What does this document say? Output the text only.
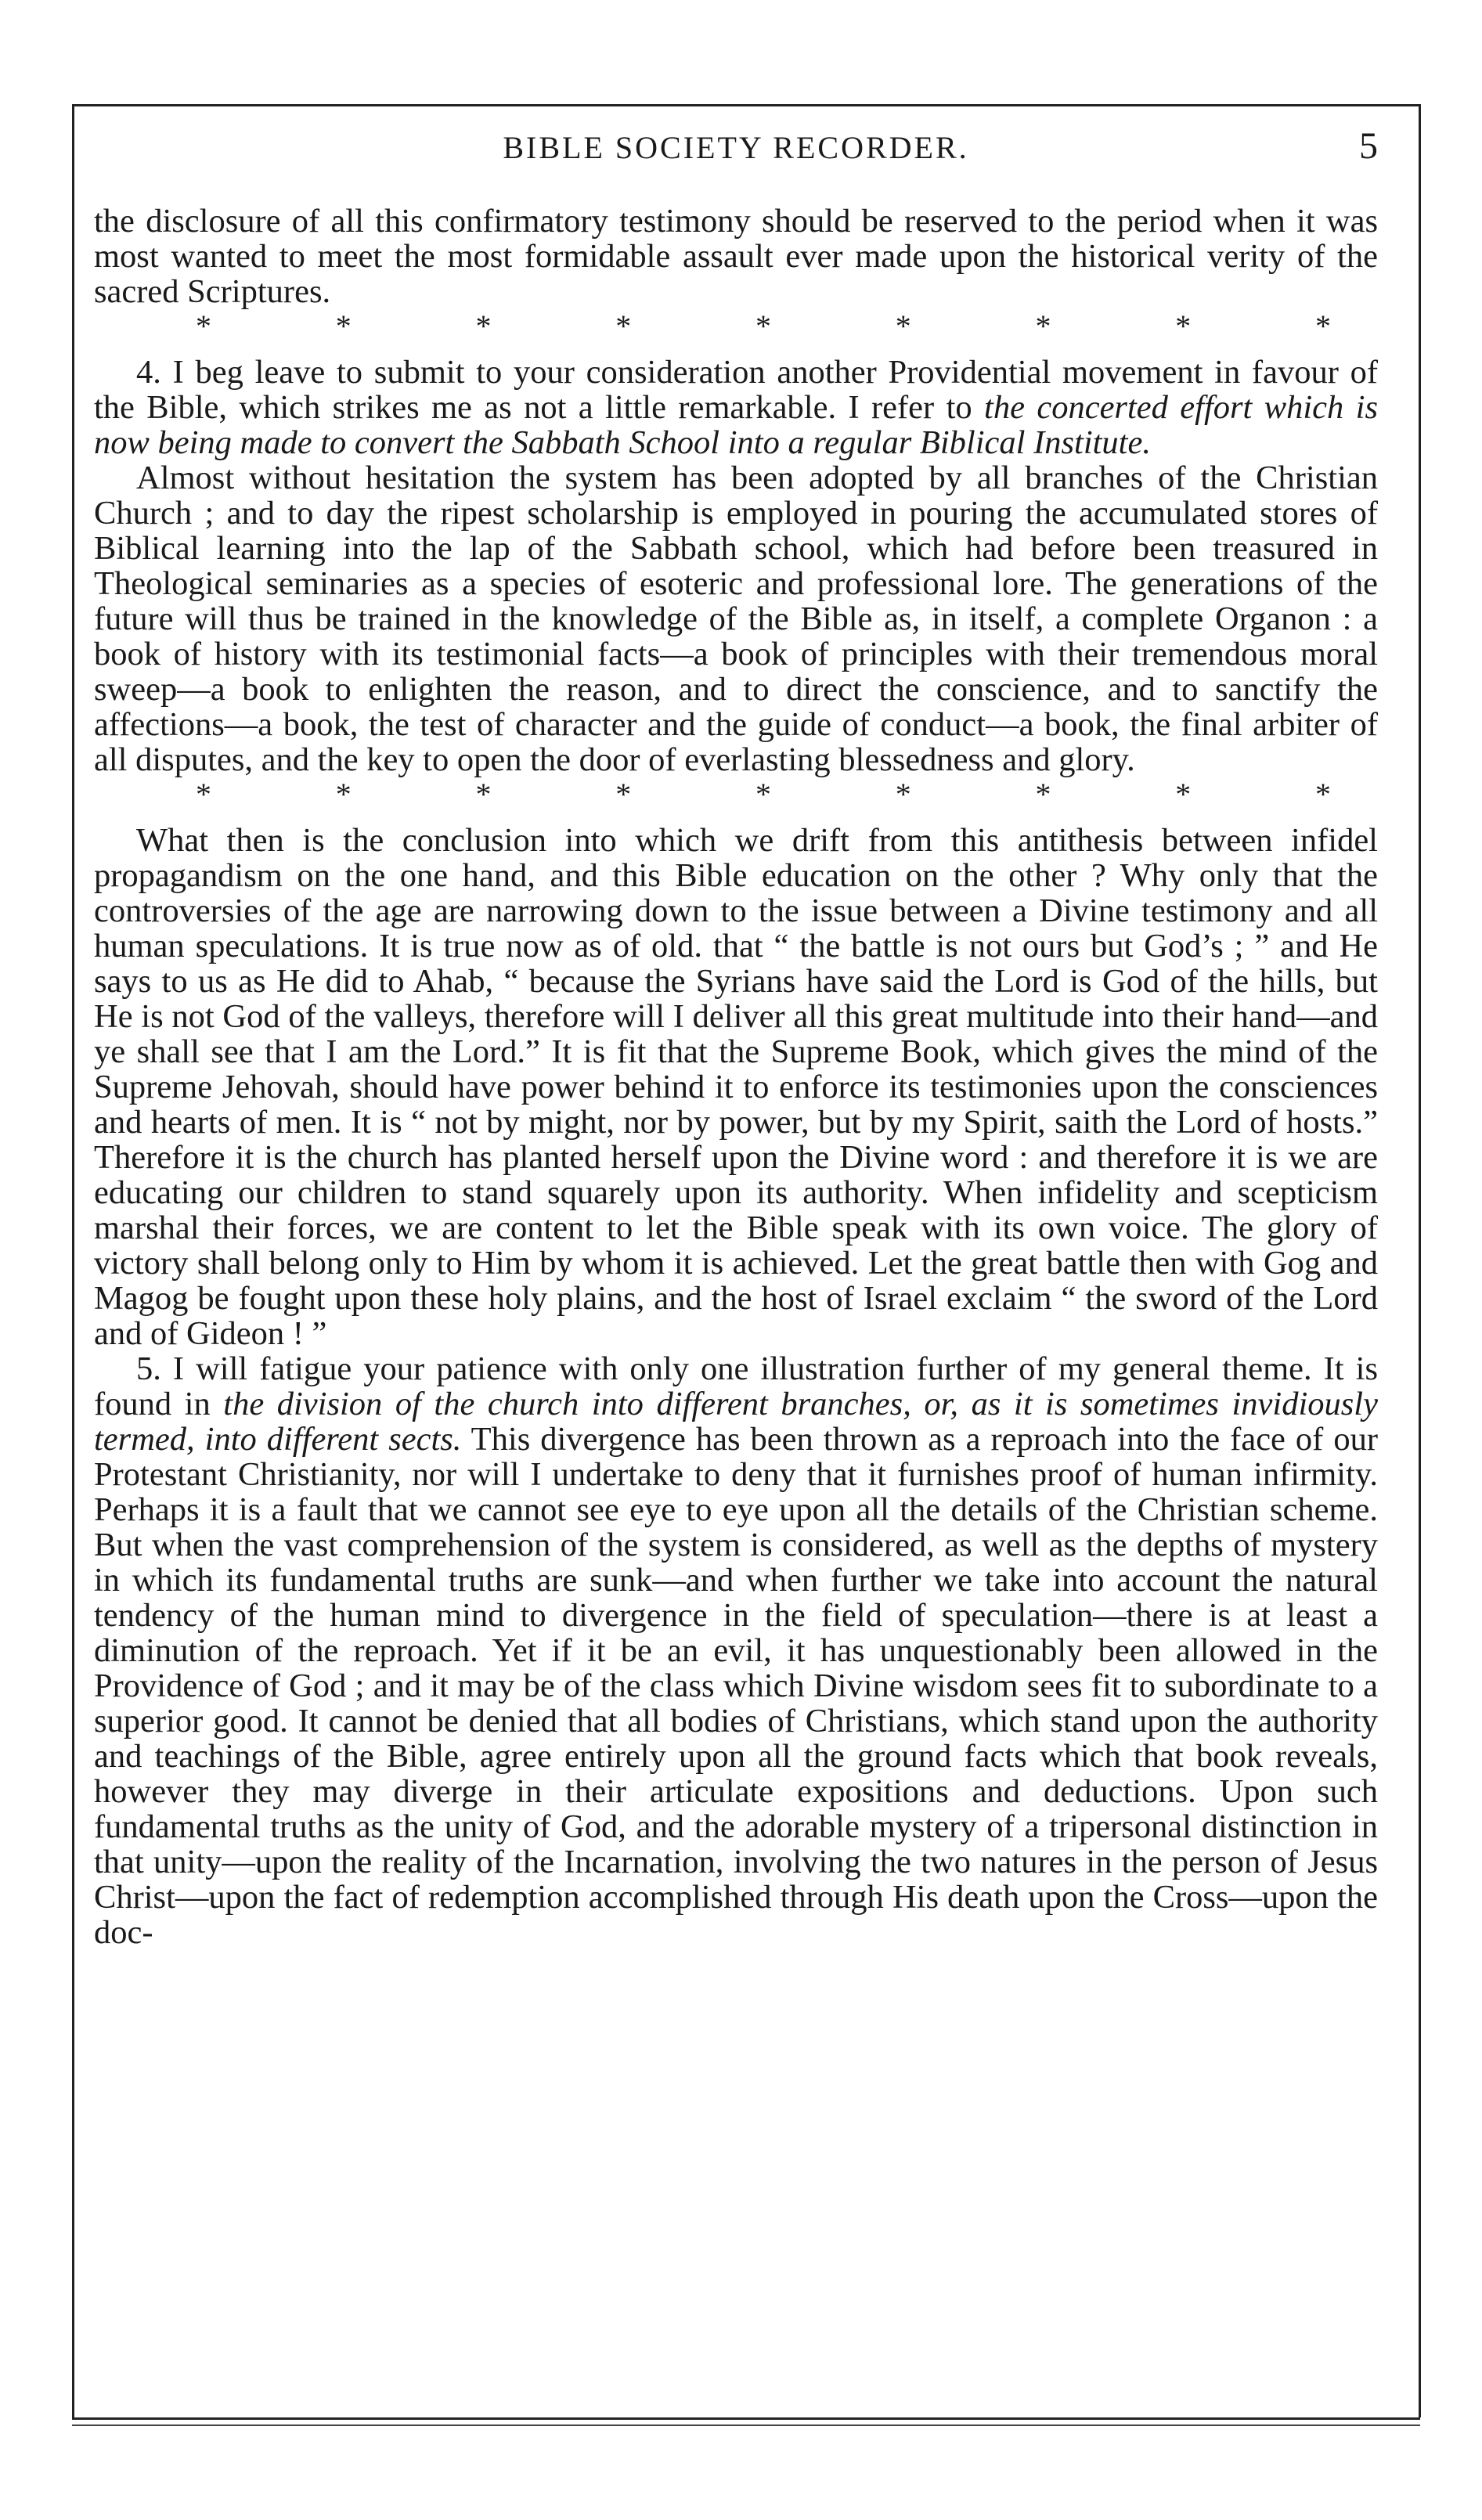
BIBLE SOCIETY RECORDER.	5

the disclosure of all this confirmatory testimony should be reserved to the period when it was most wanted to meet the most formidable assault ever made upon the historical verity of the sacred Scriptures.

*	*	*	*	*	*	*	*	*

4. I beg leave to submit to your consideration another Providential movement in favour of the Bible, which strikes me as not a little remarkable. I refer to the concerted effort which is now being made to convert the Sabbath School into a regular Biblical Institute.

Almost without hesitation the system has been adopted by all branches of the Christian Church ; and to day the ripest scholarship is employed in pouring the accumulated stores of Biblical learning into the lap of the Sabbath school, which had before been treasured in Theological seminaries as a species of esoteric and professional lore. The generations of the future will thus be trained in the knowledge of the Bible as, in itself, a complete Organon : a book of history with its testimonial facts—a book of principles with their tremendous moral sweep—a book to enlighten the reason, and to direct the conscience, and to sanctify the affections—a book, the test of character and the guide of conduct—a book, the final arbiter of all disputes, and the key to open the door of everlasting blessedness and glory.

*	*	*	*	*	*	*	*	*

What then is the conclusion into which we drift from this antithesis between infidel propagandism on the one hand, and this Bible education on the other ? Why only that the controversies of the age are narrowing down to the issue between a Divine testimony and all human speculations. It is true now as of old. that “ the battle is not ours but God’s ; ” and He says to us as He did to Ahab, “ because the Syrians have said the Lord is God of the hills, but He is not God of the valleys, therefore will I deliver all this great multitude into their hand—and ye shall see that I am the Lord.” It is fit that the Supreme Book, which gives the mind of the Supreme Jehovah, should have power behind it to enforce its testimonies upon the consciences and hearts of men. It is “ not by might, nor by power, but by my Spirit, saith the Lord of hosts.” Therefore it is the church has planted herself upon the Divine word : and therefore it is we are educating our children to stand squarely upon its authority. When infidelity and scepticism marshal their forces, we are content to let the Bible speak with its own voice. The glory of victory shall belong only to Him by whom it is achieved. Let the great battle then with Gog and Magog be fought upon these holy plains, and the host of Israel exclaim “ the sword of the Lord and of Gideon ! ”

5. I will fatigue your patience with only one illustration further of my general theme. It is found in the division of the church into different branches, or, as it is sometimes invidiously termed, into different sects. This divergence has been thrown as a reproach into the face of our Protestant Christianity, nor will I undertake to deny that it furnishes proof of human infirmity. Perhaps it is a fault that we cannot see eye to eye upon all the details of the Christian scheme. But when the vast comprehension of the system is considered, as well as the depths of mystery in which its fundamental truths are sunk—and when further we take into account the natural tendency of the human mind to divergence in the field of speculation—there is at least a diminution of the reproach. Yet if it be an evil, it has unquestionably been allowed in the Providence of God ; and it may be of the class which Divine wisdom sees fit to subordinate to a superior good. It cannot be denied that all bodies of Christians, which stand upon the authority and teachings of the Bible, agree entirely upon all the ground facts which that book reveals, however they may diverge in their articulate expositions and deductions. Upon such fundamental truths as the unity of God, and the adorable mystery of a tripersonal distinction in that unity—upon the reality of the Incarnation, involving the two natures in the person of Jesus Christ—upon the fact of redemption accomplished through His death upon the Cross—upon the doc-
